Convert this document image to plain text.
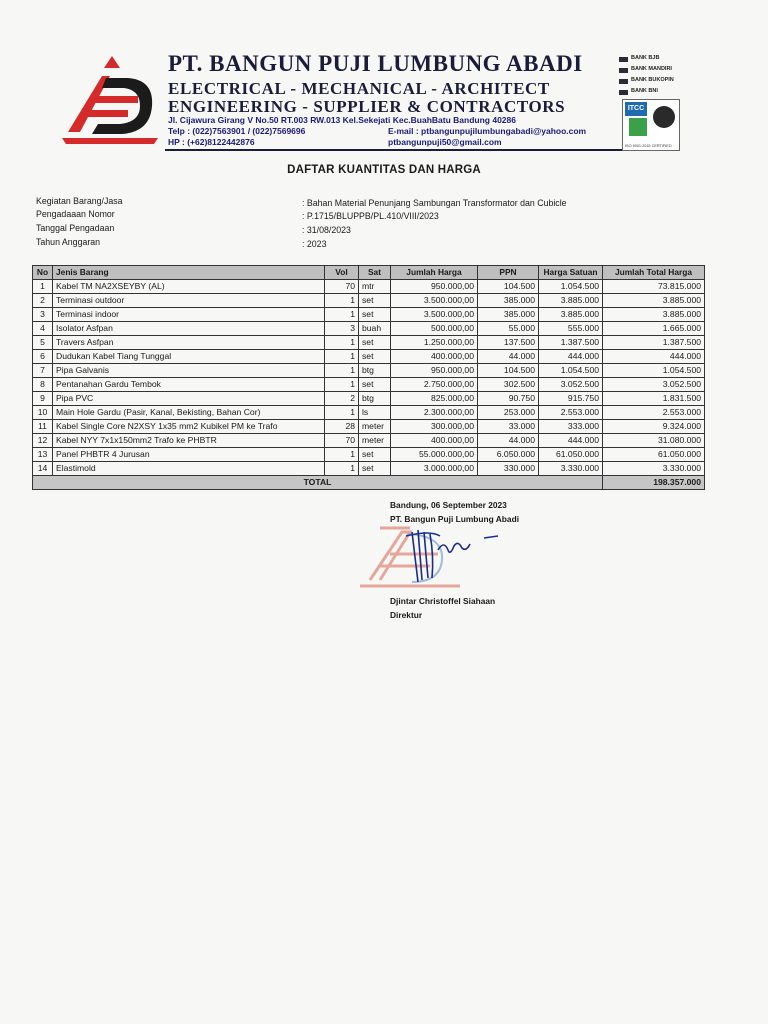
PT. BANGUN PUJI LUMBUNG ABADI
ELECTRICAL - MECHANICAL - ARCHITECT
ENGINEERING - SUPPLIER & CONTRACTORS
Jl. Cijawura Girang V No.50 RT.003 RW.013 Kel.Sekejati Kec.BuahBatu Bandung 40286
Telp : (022)7563901 / (022)7569696	E-mail : ptbangunpujilumbungabadi@yahoo.com
HP : (+62)8122442876	ptbangunpuji50@gmail.com
BANK BJB
BANK MANDIRI
BANK BUKOPIN
BANK BNI
ITCC
ISO 9001:2015 CERTIFIED
DAFTAR KUANTITAS DAN HARGA
Kegiatan Barang/Jasa	: Bahan Material Penunjang Sambungan Transformator dan Cubicle
Pengadaaan Nomor	: P.1715/BLUPPB/PL.410/VIII/2023
Tanggal Pengadaan	: 31/08/2023
Tahun Anggaran	: 2023
No	Jenis Barang	Vol	Sat	Jumlah Harga	PPN	Harga Satuan	Jumlah Total Harga
1	Kabel TM NA2XSEYBY (AL)	70	mtr	950.000,00	104.500	1.054.500	73.815.000
2	Terminasi outdoor	1	set	3.500.000,00	385.000	3.885.000	3.885.000
3	Terminasi indoor	1	set	3.500.000,00	385.000	3.885.000	3.885.000
4	Isolator Asfpan	3	buah	500.000,00	55.000	555.000	1.665.000
5	Travers Asfpan	1	set	1.250.000,00	137.500	1.387.500	1.387.500
6	Dudukan Kabel Tiang Tunggal	1	set	400.000,00	44.000	444.000	444.000
7	Pipa Galvanis	1	btg	950.000,00	104.500	1.054.500	1.054.500
8	Pentanahan Gardu Tembok	1	set	2.750.000,00	302.500	3.052.500	3.052.500
9	Pipa PVC	2	btg	825.000,00	90.750	915.750	1.831.500
10	Main Hole Gardu (Pasir, Kanal, Bekisting, Bahan Cor)	1	ls	2.300.000,00	253.000	2.553.000	2.553.000
11	Kabel Single Core N2XSY 1x35 mm2 Kubikel PM ke Trafo	28	meter	300.000,00	33.000	333.000	9.324.000
12	Kabel NYY 7x1x150mm2 Trafo ke PHBTR	70	meter	400.000,00	44.000	444.000	31.080.000
13	Panel PHBTR 4 Jurusan	1	set	55.000.000,00	6.050.000	61.050.000	61.050.000
14	Elastimold	1	set	3.000.000,00	330.000	3.330.000	3.330.000
TOTAL							198.357.000
Bandung, 06 September 2023
PT. Bangun Puji Lumbung Abadi
Djintar Christoffel Siahaan
Direktur
